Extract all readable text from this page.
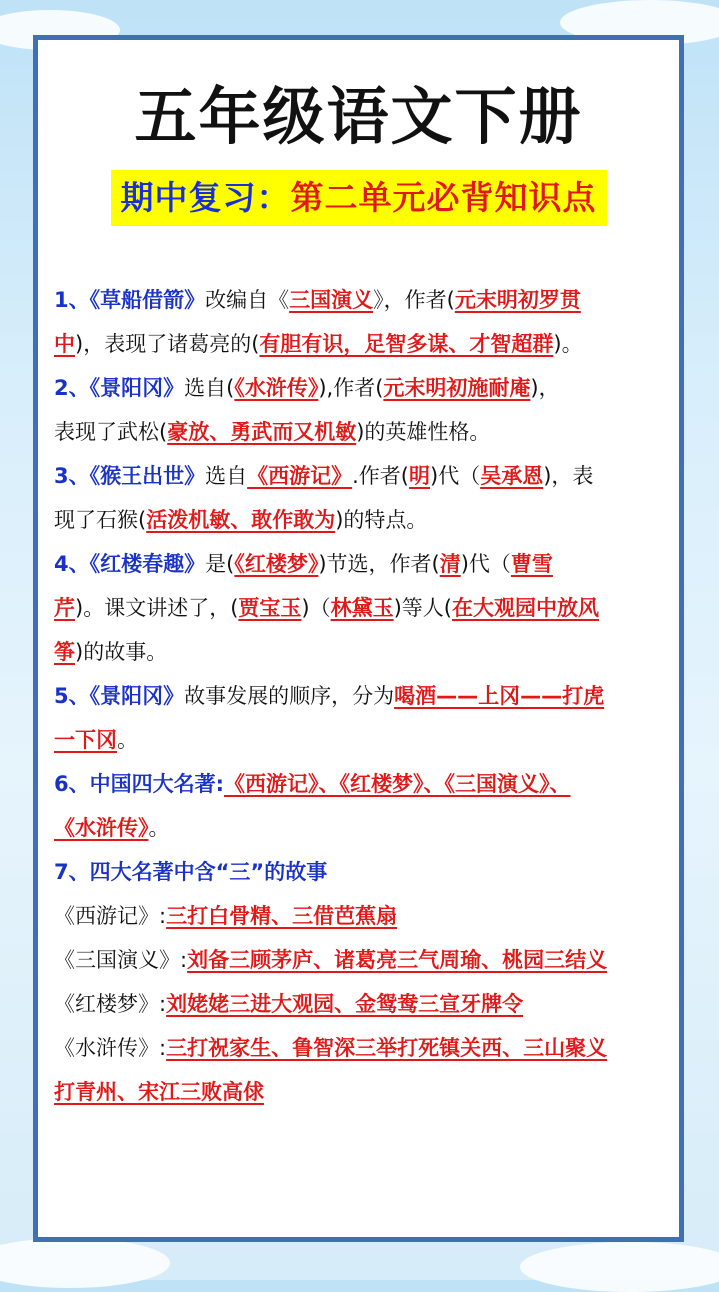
五年级语文下册
期中复习：第二单元必背知识点
1、《草船借箭》改编自《三国演义》，作者(元末明初罗贯
中)，表现了诸葛亮的(有胆有识，足智多谋、才智超群)。
2、《景阳冈》选自(《水浒传》),作者(元末明初施耐庵)，
表现了武松(豪放、勇武而又机敏)的英雄性格。
3、《猴王出世》选自《西游记》.作者(明)代（吴承恩)，表
现了石猴(活泼机敏、敢作敢为)的特点。
4、《红楼春趣》是(《红楼梦》)节选，作者(清)代（曹雪
芹)。课文讲述了，(贾宝玉)（林黛玉)等人(在大观园中放风
筝)的故事。
5、《景阳冈》故事发展的顺序，分为喝酒——上冈——打虎
一下冈。
6、中国四大名著:《西游记》、《红楼梦》、《三国演义》、
《水浒传》。
7、四大名著中含“三”的故事
《西游记》:三打白骨精、三借芭蕉扇
《三国演义》:刘备三顾茅庐、诸葛亮三气周瑜、桃园三结义
《红楼梦》:刘姥姥三进大观园、金鸳鸯三宣牙牌令
《水浒传》:三打祝家生、鲁智深三举打死镇关西、三山聚义
打青州、宋江三败高俅
